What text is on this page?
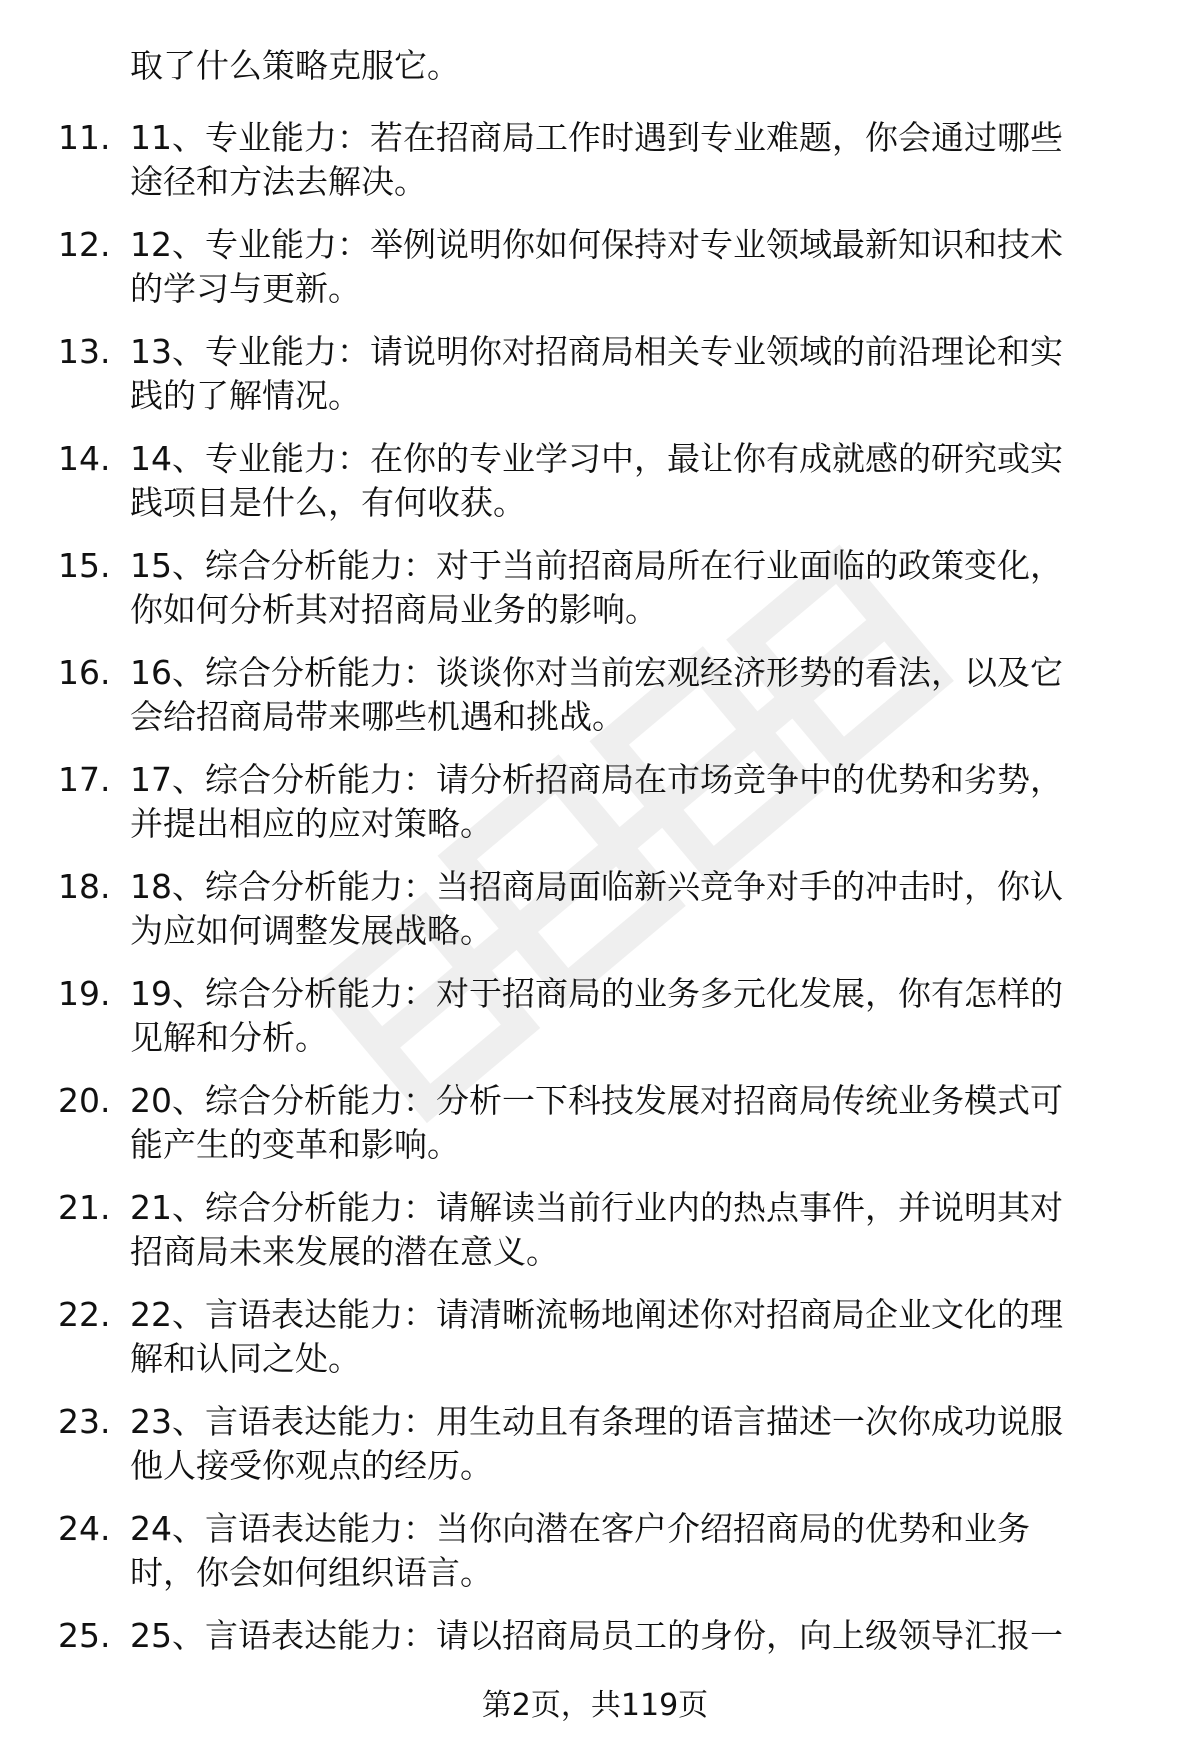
取了什么策略克服它。
11. 11、专业能力：若在招商局工作时遇到专业难题，你会通过哪些
途径和方法去解决。

12. 12、专业能力：举例说明你如何保持对专业领域最新知识和技术
的学习与更新。

13. 13、专业能力：请说明你对招商局相关专业领域的前沿理论和实
践的了解情况。

14. 14、专业能力：在你的专业学习中，最让你有成就感的研究或实
践项目是什么，有何收获。

15. 15、综合分析能力：对于当前招商局所在行业面临的政策变化，
你如何分析其对招商局业务的影响。

16. 16、综合分析能力：谈谈你对当前宏观经济形势的看法，以及它
会给招商局带来哪些机遇和挑战。

17. 17、综合分析能力：请分析招商局在市场竞争中的优势和劣势，
并提出相应的应对策略。

18. 18、综合分析能力：当招商局面临新兴竞争对手的冲击时，你认
为应如何调整发展战略。

19. 19、综合分析能力：对于招商局的业务多元化发展，你有怎样的
见解和分析。

20. 20、综合分析能力：分析一下科技发展对招商局传统业务模式可
能产生的变革和影响。

21. 21、综合分析能力：请解读当前行业内的热点事件，并说明其对
招商局未来发展的潜在意义。

22. 22、言语表达能力：请清晰流畅地阐述你对招商局企业文化的理
解和认同之处。

23. 23、言语表达能力：用生动且有条理的语言描述一次你成功说服
他人接受你观点的经历。

24. 24、言语表达能力：当你向潜在客户介绍招商局的优势和业务
时，你会如何组织语言。

25. 25、言语表达能力：请以招商局员工的身份，向上级领导汇报一

第2页，共119页
